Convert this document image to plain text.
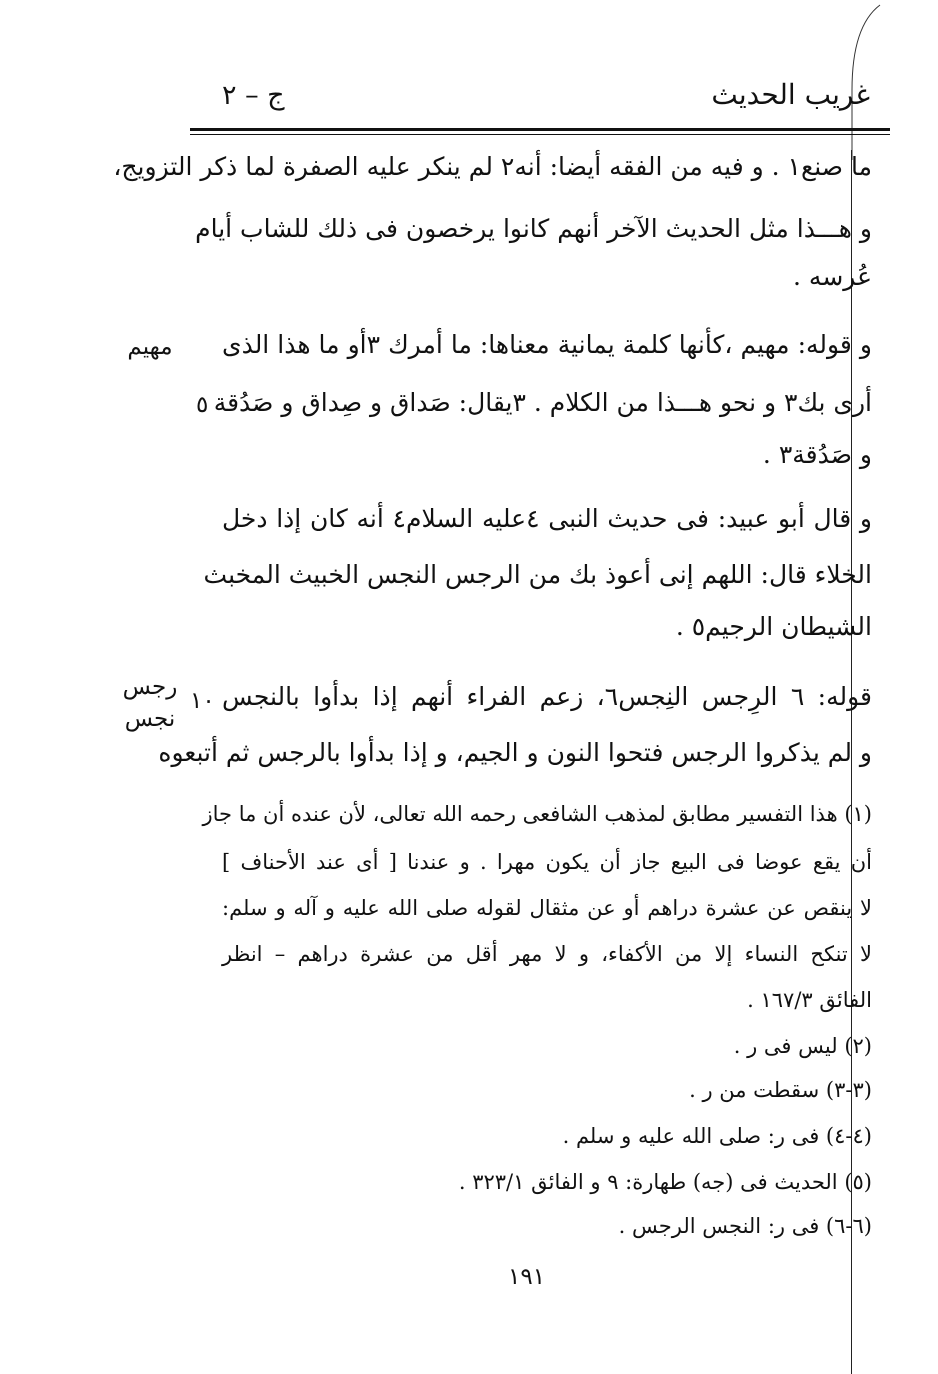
غريب الحديث
ج – ٢
ما صنع١ . و فيه من الفقه أيضا: أنه٢ لم ينكر عليه الصفرة لما ذكر التزويج،
و هـــذا مثل الحديث الآخر أنهم كانوا يرخصون فى ذلك للشاب أيام
عُرسه .
و قوله: مهيم ،كأنها كلمة يمانية معناها: ما أمرك ٣أو ما هذا الذى
أرى بك٣ و نحو هـــذا من الكلام . ٣يقال: صَداق و صِداق و صَدُقة
و صَدُقة٣ .
و قال أبو عبيد: فى حديث النبى ٤عليه السلام٤ أنه كان إذا دخل
الخلاء قال: اللهم إنى أعوذ بك من الرجس النجس الخبيث المخبث
الشيطان الرجيم٥ .
قوله: ٦ الرِجس النِجس٦، زعم الفراء أنهم إذا بدأوا بالنجس
و لم يذكروا الرجس فتحوا النون و الجيم، و إذا بدأوا بالرجس ثم أتبعوه
مهيم
رجس
نجس
٥
١٠
(١) هذا التفسير مطابق لمذهب الشافعى رحمه الله تعالى، لأن عنده أن ما جاز
أن يقع عوضا فى البيع جاز أن يكون مهرا . و عندنا [ أى عند الأحناف ]
لا ينقص عن عشرة دراهم أو عن مثقال لقوله صلى الله عليه و آله و سلم:
لا تنكح النساء إلا من الأكفاء، و لا مهر أقل من عشرة دراهم – انظر
الفائق ١٦٧/٣ .
(٢) ليس فى ر .
(٣-٣) سقطت من ر .
(٤-٤) فى ر: صلى الله عليه و سلم .
(٥) الحديث فى (جه) طهارة: ٩ و الفائق ٣٢٣/١ .
(٦-٦) فى ر: النجس الرجس .
١٩١
